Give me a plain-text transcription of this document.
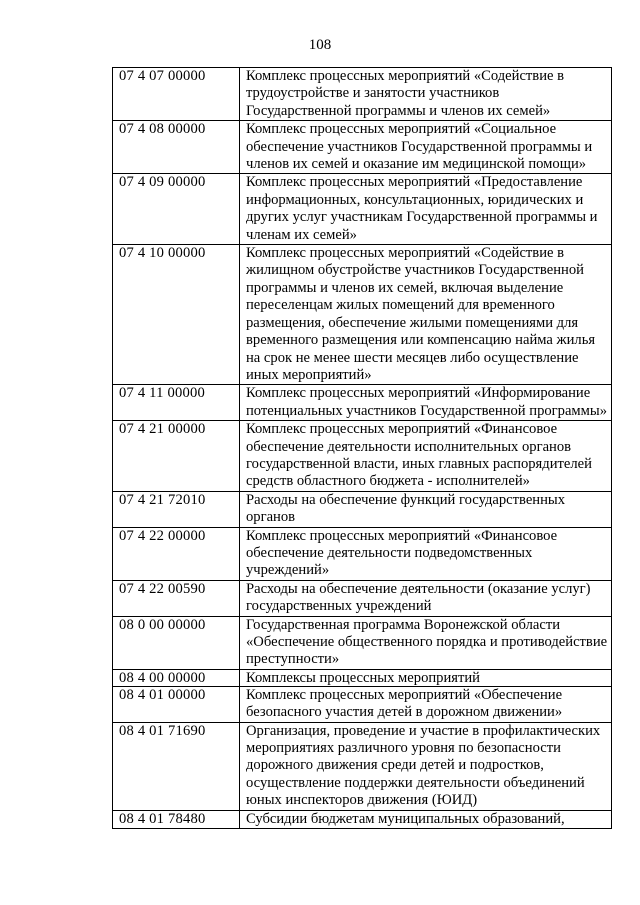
108
07 4 07 00000	Комплекс процессных мероприятий «Содействие в трудоустройстве и занятости участников Государственной программы и членов их семей»
07 4 08 00000	Комплекс процессных мероприятий «Социальное обеспечение участников Государственной программы и членов их семей и оказание им медицинской помощи»
07 4 09 00000	Комплекс процессных мероприятий «Предоставление информационных, консультационных, юридических и других услуг участникам Государственной программы и членам их семей»
07 4 10 00000	Комплекс процессных мероприятий «Содействие в жилищном обустройстве участников Государственной программы и членов их семей, включая выделение переселенцам жилых помещений для временного размещения, обеспечение жилыми помещениями для временного размещения или компенсацию найма жилья на срок не менее шести месяцев либо осуществление иных мероприятий»
07 4 11 00000	Комплекс процессных мероприятий «Информирование потенциальных участников Государственной программы»
07 4 21 00000	Комплекс процессных мероприятий «Финансовое обеспечение деятельности исполнительных органов государственной власти, иных главных распорядителей средств областного бюджета - исполнителей»
07 4 21 72010	Расходы на обеспечение функций государственных органов
07 4 22 00000	Комплекс процессных мероприятий «Финансовое обеспечение деятельности подведомственных учреждений»
07 4 22 00590	Расходы на обеспечение деятельности (оказание услуг) государственных учреждений
08 0 00 00000	Государственная программа Воронежской области «Обеспечение общественного порядка и противодействие преступности»
08 4 00 00000	Комплексы процессных мероприятий
08 4 01 00000	Комплекс процессных мероприятий «Обеспечение безопасного участия детей в дорожном движении»
08 4 01 71690	Организация, проведение и участие в профилактических мероприятиях различного уровня по безопасности дорожного движения среди детей и подростков, осуществление поддержки деятельности объединений юных инспекторов движения (ЮИД)
08 4 01 78480	Субсидии бюджетам муниципальных образований,
